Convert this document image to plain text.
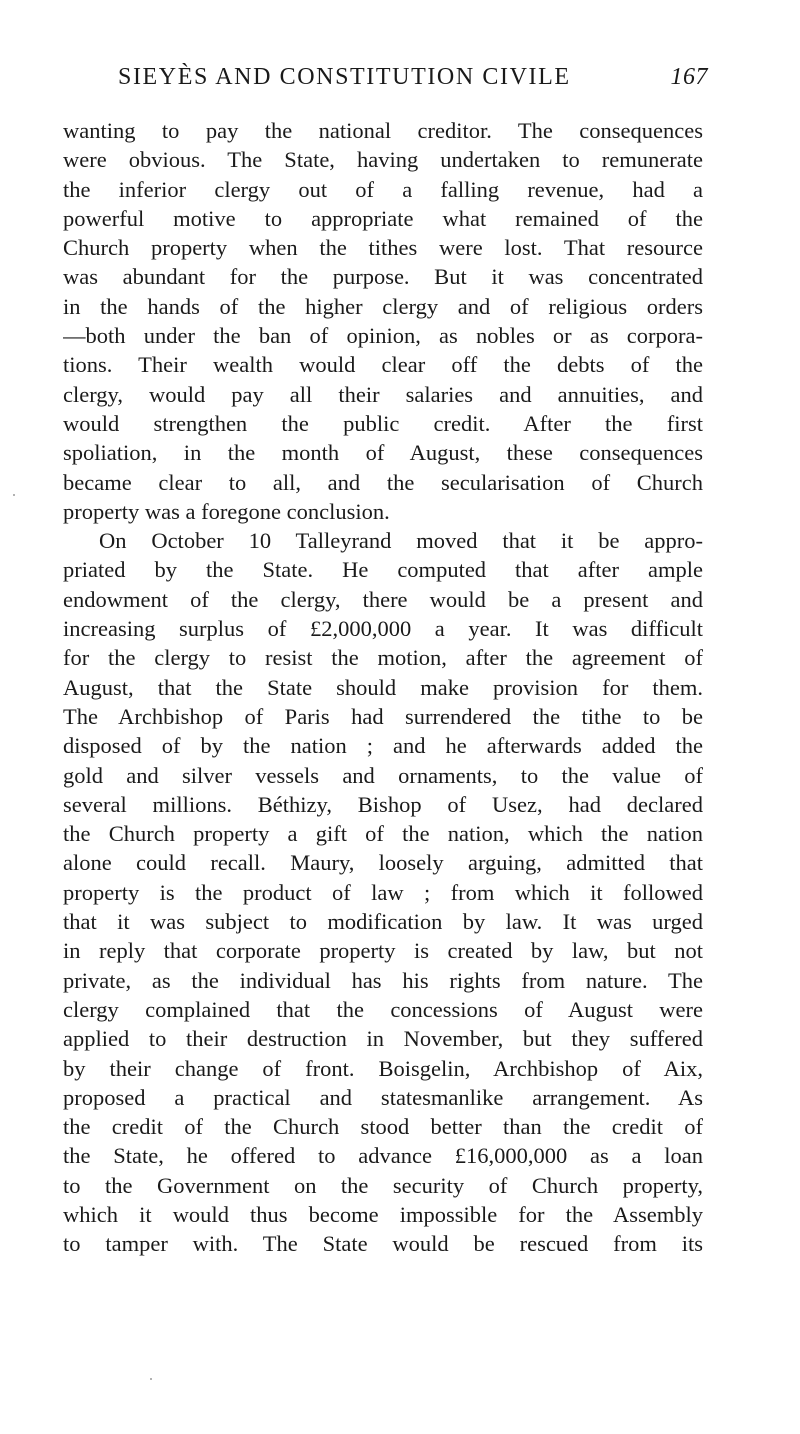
SIEYÈS AND CONSTITUTION CIVILE	167
wanting to pay the national creditor. The consequences
were obvious. The State, having undertaken to remunerate
the inferior clergy out of a falling revenue, had a
powerful motive to appropriate what remained of the
Church property when the tithes were lost. That resource
was abundant for the purpose. But it was concentrated
in the hands of the higher clergy and of religious orders
—both under the ban of opinion, as nobles or as corpora-
tions. Their wealth would clear off the debts of the
clergy, would pay all their salaries and annuities, and
would strengthen the public credit. After the first
spoliation, in the month of August, these consequences
became clear to all, and the secularisation of Church
property was a foregone conclusion.
On October 10 Talleyrand moved that it be appro-
priated by the State. He computed that after ample
endowment of the clergy, there would be a present and
increasing surplus of £2,000,000 a year. It was difficult
for the clergy to resist the motion, after the agreement of
August, that the State should make provision for them.
The Archbishop of Paris had surrendered the tithe to be
disposed of by the nation ; and he afterwards added the
gold and silver vessels and ornaments, to the value of
several millions. Béthizy, Bishop of Usez, had declared
the Church property a gift of the nation, which the nation
alone could recall. Maury, loosely arguing, admitted that
property is the product of law ; from which it followed
that it was subject to modification by law. It was urged
in reply that corporate property is created by law, but not
private, as the individual has his rights from nature. The
clergy complained that the concessions of August were
applied to their destruction in November, but they suffered
by their change of front. Boisgelin, Archbishop of Aix,
proposed a practical and statesmanlike arrangement. As
the credit of the Church stood better than the credit of
the State, he offered to advance £16,000,000 as a loan
to the Government on the security of Church property,
which it would thus become impossible for the Assembly
to tamper with. The State would be rescued from its
